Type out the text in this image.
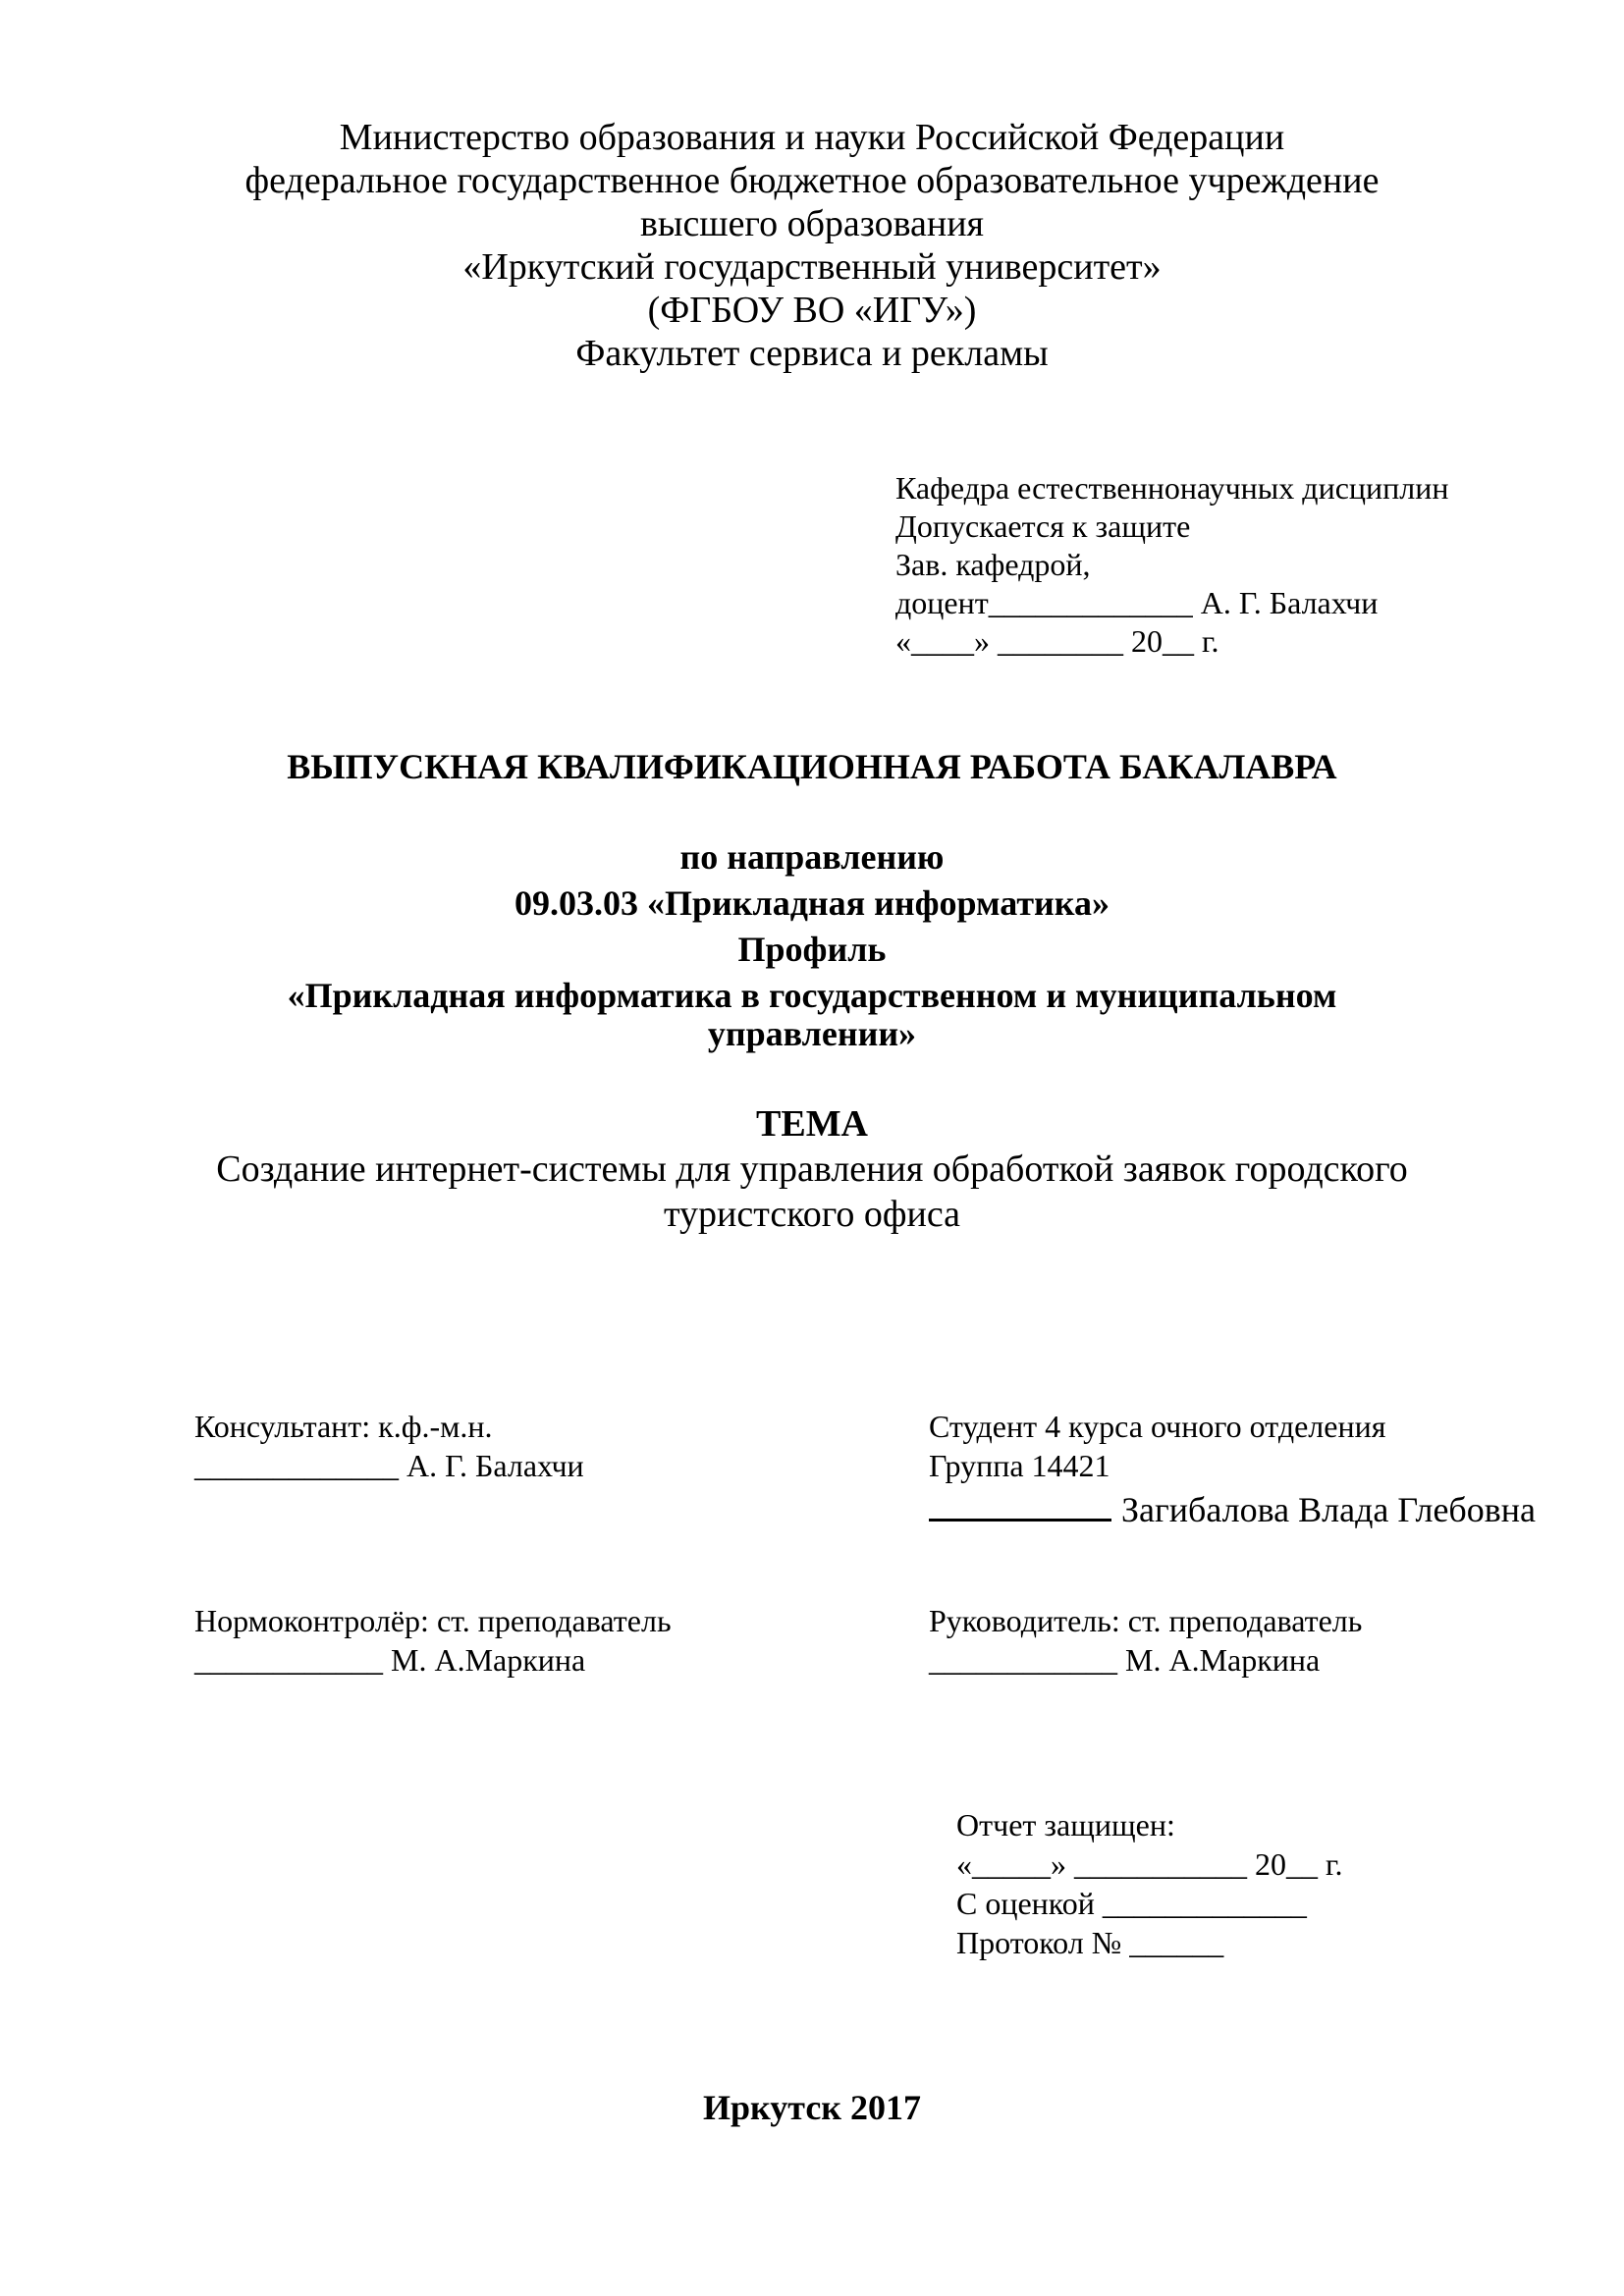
Министерство образования и науки Российской Федерации
федеральное государственное бюджетное образовательное учреждение
высшего образования
«Иркутский государственный университет»
(ФГБОУ ВО «ИГУ»)
Факультет сервиса и рекламы
Кафедра естественнонаучных дисциплин
Допускается к защите
Зав. кафедрой,
доцент_____________ А. Г. Балахчи
«____» ________ 20__ г.
ВЫПУСКНАЯ КВАЛИФИКАЦИОННАЯ РАБОТА БАКАЛАВРА
по направлению
09.03.03 «Прикладная информатика»
Профиль
«Прикладная информатика в государственном и муниципальном
управлении»
ТЕМА
Создание интернет-системы для управления обработкой заявок городского
туристского офиса
Консультант: к.ф.-м.н.
_____________ А. Г. Балахчи
Студент 4 курса очного отделения
Группа 14421
Загибалова Влада Глебовна
Нормоконтролёр: ст. преподаватель
____________ М. А.Маркина
Руководитель: ст. преподаватель
____________ М. А.Маркина
Отчет защищен:
«_____» ___________ 20__ г.
С оценкой _____________
Протокол № ______
Иркутск 2017
